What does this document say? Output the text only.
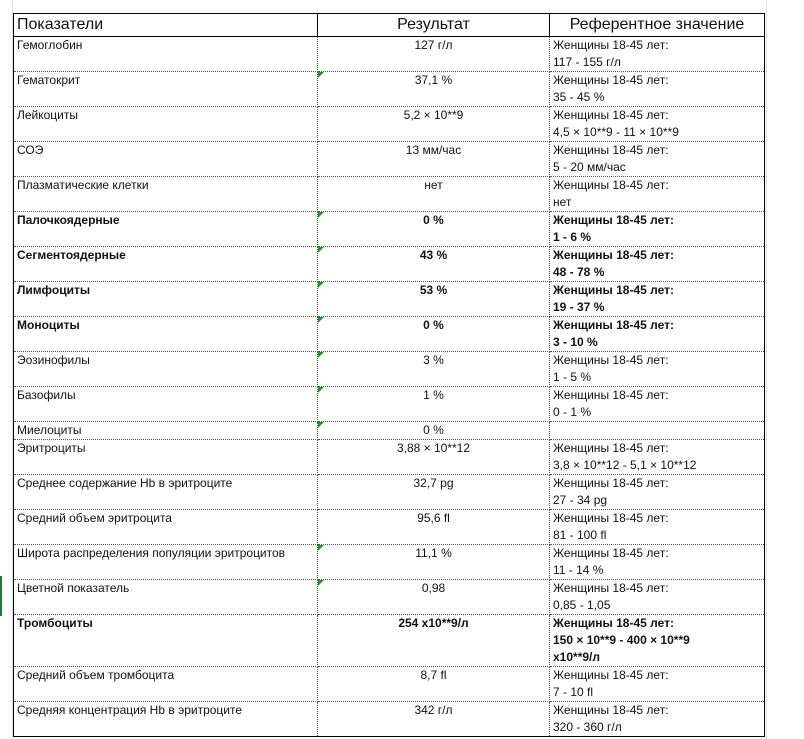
Показатели	Результат	Референтное значение
Гемоглобин	127 г/л	Женщины 18-45 лет:
117 - 155 г/л

Гематокрит	37,1 %	Женщины 18-45 лет:
35 - 45 %

Лейкоциты	5,2 × 10**9	Женщины 18-45 лет:
4,5 × 10**9 - 11 × 10**9

СОЭ	13 мм/час	Женщины 18-45 лет:
5 - 20 мм/час

Плазматические клетки	нет	Женщины 18-45 лет:
нет

Палочкоядерные	0 %	Женщины 18-45 лет:
1 - 6 %

Сегментоядерные	43 %	Женщины 18-45 лет:
48 - 78 %

Лимфоциты	53 %	Женщины 18-45 лет:
19 - 37 %

Моноциты	0 %	Женщины 18-45 лет:
3 - 10 %

Эозинофилы	3 %	Женщины 18-45 лет:
1 - 5 %

Базофилы	1 %	Женщины 18-45 лет:
0 - 1 %

Миелоциты	0 %	

Эритроциты	3,88 × 10**12	Женщины 18-45 лет:
3,8 × 10**12 - 5,1 × 10**12

Среднее содержание Hb в эритроците	32,7 pg	Женщины 18-45 лет:
27 - 34 pg

Средний объем эритроцита	95,6 fl	Женщины 18-45 лет:
81 - 100 fl

Широта распределения популяции эритроцитов	11,1 %	Женщины 18-45 лет:
11 - 14 %

Цветной показатель	0,98	Женщины 18-45 лет:
0,85 - 1,05

Тромбоциты	254 x10**9/л	Женщины 18-45 лет:
150 × 10**9 - 400 × 10**9
x10**9/л

Средний объем тромбоцита	8,7 fl	Женщины 18-45 лет:
7 - 10 fl

Средняя концентрация Hb в эритроците	342 г/л	Женщины 18-45 лет:
320 - 360 г/л
